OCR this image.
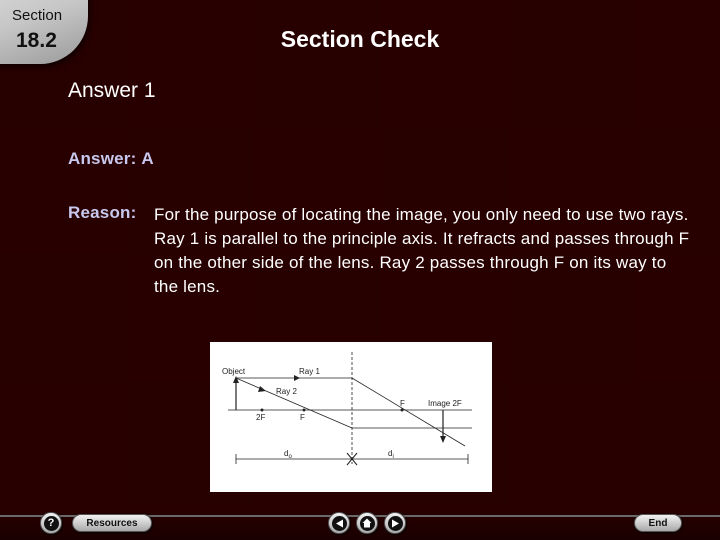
Section
18.2	Section Check
Answer 1
Answer: A
Reason: For the purpose of locating the image, you only need to use two rays. Ray 1 is parallel to the principle axis. It refracts and passes through F on the other side of the lens. Ray 2 passes through F on its way to the lens.
Object	Ray 1
Ray 2
F	Image 2F
2F	F
$d_o$	$d_i$
?	Resources	End
